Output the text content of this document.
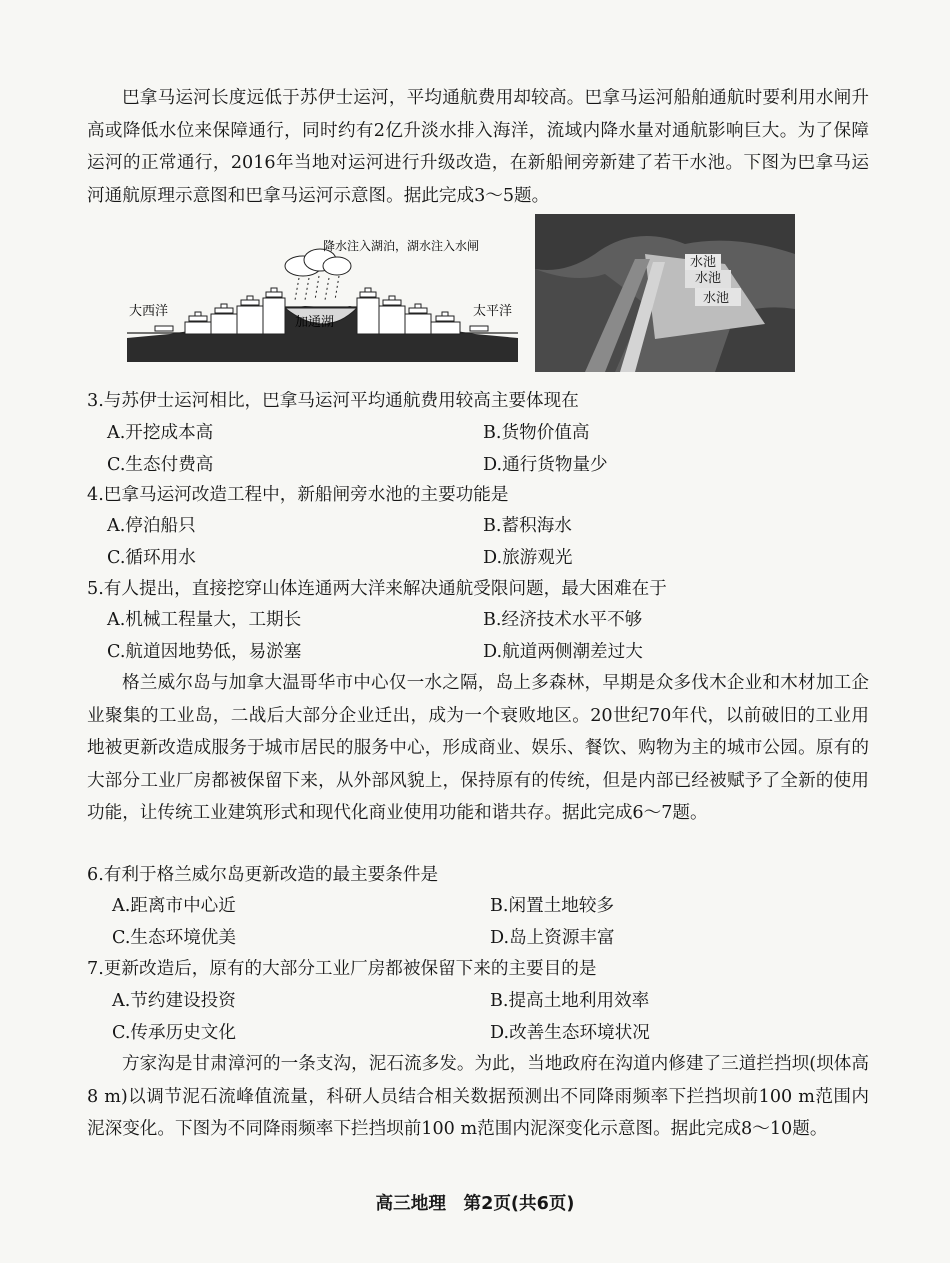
巴拿马运河长度远低于苏伊士运河，平均通航费用却较高。巴拿马运河船舶通航时要利用水闸升高或降低水位来保障通行，同时约有2亿升淡水排入海洋，流域内降水量对通航影响巨大。为了保障运河的正常通行，2016年当地对运河进行升级改造，在新船闸旁新建了若干水池。下图为巴拿马运河通航原理示意图和巴拿马运河示意图。据此完成3～5题。

降水注入湖泊，湖水注入水闸
大西洋
加通湖
太平洋
水池
水池
水池

3.与苏伊士运河相比，巴拿马运河平均通航费用较高主要体现在

A.开挖成本高	B.货物价值高

C.生态付费高	D.通行货物量少

4.巴拿马运河改造工程中，新船闸旁水池的主要功能是

A.停泊船只	B.蓄积海水

C.循环用水	D.旅游观光

5.有人提出，直接挖穿山体连通两大洋来解决通航受限问题，最大困难在于

A.机械工程量大，工期长	B.经济技术水平不够

C.航道因地势低，易淤塞	D.航道两侧潮差过大

格兰威尔岛与加拿大温哥华市中心仅一水之隔，岛上多森林，早期是众多伐木企业和木材加工企业聚集的工业岛，二战后大部分企业迁出，成为一个衰败地区。20世纪70年代，以前破旧的工业用地被更新改造成服务于城市居民的服务中心，形成商业、娱乐、餐饮、购物为主的城市公园。原有的大部分工业厂房都被保留下来，从外部风貌上，保持原有的传统，但是内部已经被赋予了全新的使用功能，让传统工业建筑形式和现代化商业使用功能和谐共存。据此完成6～7题。

6.有利于格兰威尔岛更新改造的最主要条件是

A.距离市中心近	B.闲置土地较多

C.生态环境优美	D.岛上资源丰富

7.更新改造后，原有的大部分工业厂房都被保留下来的主要目的是

A.节约建设投资	B.提高土地利用效率

C.传承历史文化	D.改善生态环境状况

方家沟是甘肃漳河的一条支沟，泥石流多发。为此，当地政府在沟道内修建了三道拦挡坝(坝体高8 m)以调节泥石流峰值流量，科研人员结合相关数据预测出不同降雨频率下拦挡坝前100 m范围内泥深变化。下图为不同降雨频率下拦挡坝前100 m范围内泥深变化示意图。据此完成8～10题。

高三地理　第2页(共6页)
